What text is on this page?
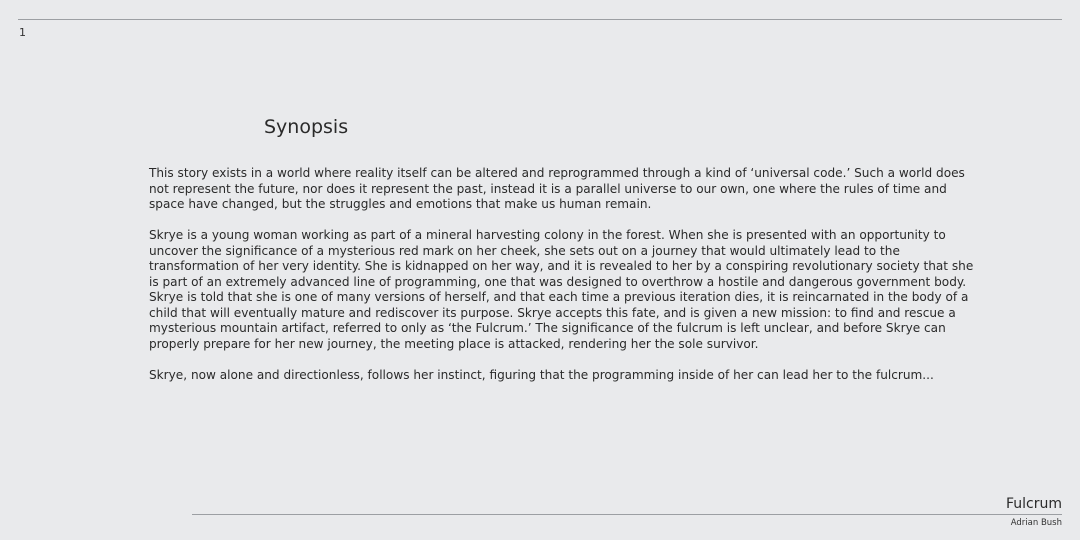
1
Synopsis

This story exists in a world where reality itself can be altered and reprogrammed through a kind of ‘universal code.’ Such a world does not represent the future, nor does it represent the past, instead it is a parallel universe to our own, one where the rules of time and space have changed, but the struggles and emotions that make us human remain.

Skrye is a young woman working as part of a mineral harvesting colony in the forest. When she is presented with an opportunity to uncover the significance of a mysterious red mark on her cheek, she sets out on a journey that would ultimately lead to the transformation of her very identity. She is kidnapped on her way, and it is revealed to her by a conspiring revolutionary society that she is part of an extremely advanced line of programming, one that was designed to overthrow a hostile and dangerous government body. Skrye is told that she is one of many versions of herself, and that each time a previous iteration dies, it is reincarnated in the body of a child that will eventually mature and rediscover its purpose. Skrye accepts this fate, and is given a new mission: to find and rescue a mysterious mountain artifact, referred to only as ‘the Fulcrum.’ The significance of the fulcrum is left unclear, and before Skrye can properly prepare for her new journey, the meeting place is attacked, rendering her the sole survivor.

Skrye, now alone and directionless, follows her instinct, figuring that the programming inside of her can lead her to the fulcrum...

Fulcrum
Adrian Bush
